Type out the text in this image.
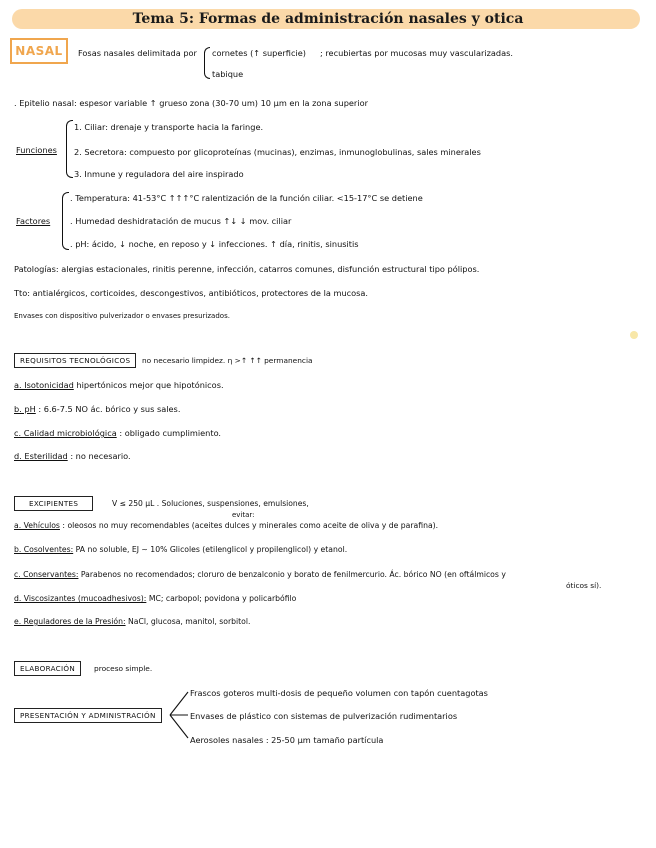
Tema 5: Formas de administración nasales y otica
NASAL	Fosas nasales delimitada por cornetes (↑ superficie) ; recubiertas por mucosas muy vascularizadas.
tabique
. Epitelio nasal: espesor variable ↑ grueso zona (30-70 um) 10 µm en la zona superior
Funciones
1. Ciliar: drenaje y transporte hacia la faringe.
2. Secretora: compuesto por glicoproteínas (mucinas), enzimas, inmunoglobulinas, sales minerales
3. Inmune y reguladora del aire inspirado
Factores
. Temperatura: 41-53°C ↑↑↑°C ralentización de la función ciliar. <15-17°C se detiene
. Humedad deshidratación de mucus ↑↓ ↓ mov. ciliar
. pH: ácido, ↓ noche, en reposo y ↓ infecciones. ↑ día, rinitis, sinusitis
Patologías: alergias estacionales, rinitis perenne, infección, catarros comunes, disfunción estructural tipo pólipos.
Tto: antialérgicos, corticoides, descongestivos, antibióticos, protectores de la mucosa.
Envases con dispositivo pulverizador o envases presurizados.
REQUISITOS TECNOLÓGICOS	no necesario limpidez. η >↑ ↑↑ permanencia
a. Isotonicidad hipertónicos mejor que hipotónicos.
b. pH : 6.6-7.5 NO ác. bórico y sus sales.
c. Calidad microbiológica : obligado cumplimiento.
d. Esterilidad : no necesario.
EXCIPIENTES	V ≤ 250 µL . Soluciones, suspensiones, emulsiones,
evitar:
a. Vehículos : oleosos no muy recomendables (aceites dulces y minerales como aceite de oliva y de parafina).
b. Cosolventes: PA no soluble, EJ ~ 10% Glicoles (etilenglicol y propilenglicol) y etanol.
c. Conservantes: Parabenos no recomendados; cloruro de benzalconio y borato de fenilmercurio. Ác. bórico NO (en oftálmicos y
óticos sí).
d. Viscosizantes (mucoadhesivos): MC; carbopol; povidona y policarbófilo
e. Reguladores de la Presión: NaCl, glucosa, manitol, sorbitol.
ELABORACIÓN	proceso simple.
PRESENTACIÓN Y ADMINISTRACIÓN
Frascos goteros multi-dosis de pequeño volumen con tapón cuentagotas
Envases de plástico con sistemas de pulverización rudimentarios
Aerosoles nasales : 25-50 µm tamaño partícula
